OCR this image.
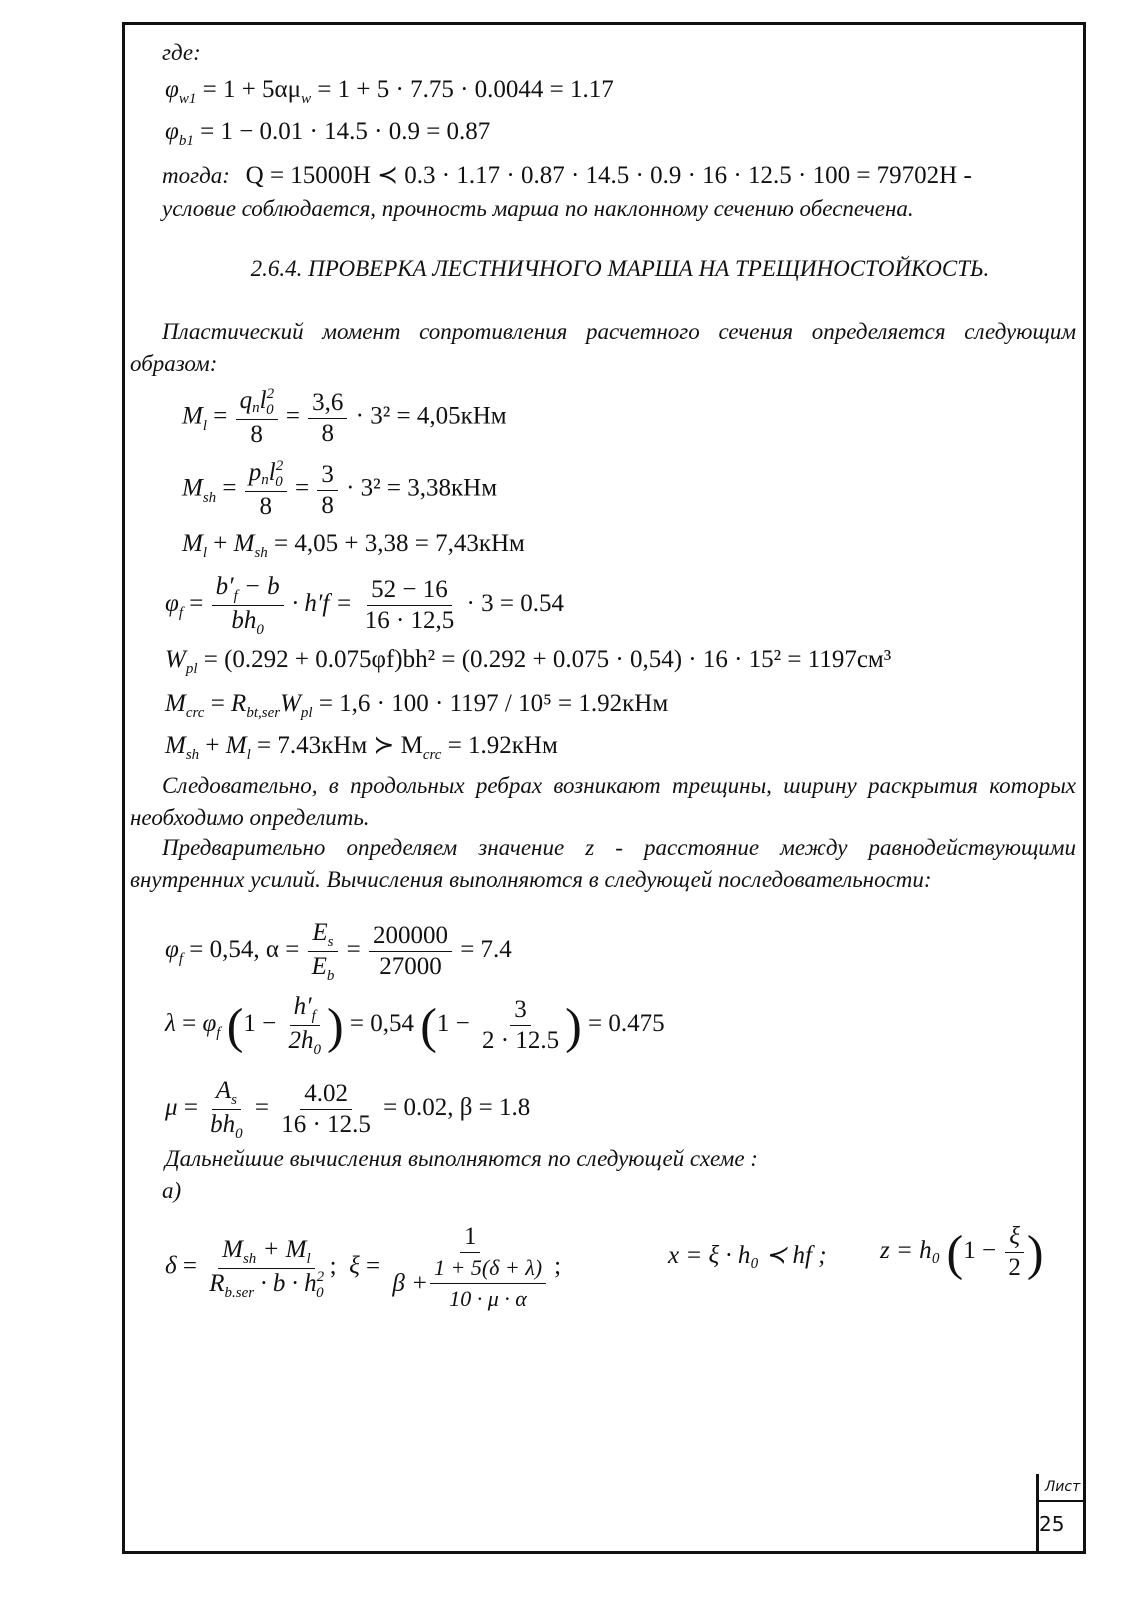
где:
$\varphi_{w1} = 1 + 5\alpha\mu_w = 1 + 5 \cdot 7.75 \cdot 0.0044 = 1.17$
$\varphi_{b1} = 1 - 0.01 \cdot 14.5 \cdot 0.9 = 0.87$
тогда: Q = 15000H ≺ 0.3 · 1.17 · 0.87 · 14.5 · 0.9 · 16 · 12.5 · 100 = 79702H -
условие соблюдается, прочность марша по наклонному сечению обеспечена.
2.6.4. ПРОВЕРКА ЛЕСТНИЧНОГО МАРША НА ТРЕЩИНОСТОЙКОСТЬ.
Пластический момент сопротивления расчетного сечения определяется следующим образом:
$M_l$ =
qnl$^2_0$
8
= $\frac{3,6}{8} \cdot 3^2 = 4,05кНм$
$M_{sh}$ =
pnl$^2_0$
8
= $\frac{3}{8} \cdot 3^2 = 3,38кНм$
$M_l + M_{sh} = 4,05 + 3,38 = 7,43кНм$
$\varphi_f = \frac{b'_f - b}{bh_0} \cdot h'f = \frac{52 - 16}{16 \cdot 12,5} \cdot 3 = 0.54$
$W_{pl} = (0.292 + 0.075\varphi f)bh^2 = (0.292 + 0.075 \cdot 0,54) \cdot 16 \cdot 15^2 = 1197см^3$
$M_{crc} = R_{bt,ser}W_{pl} = 1,6 \cdot 100 \cdot 1197 / 10^5 = 1.92кНм$
$M_{sh} + M_l = 7.43кНм$ ≻ $M_{crc} = 1.92кНм$
Следовательно, в продольных ребрах возникают трещины, ширину раскрытия которых необходимо определить.
Предварительно определяем значение z - расстояние между равнодействующими внутренних усилий. Вычисления выполняются в следующей последовательности:
$\varphi_f = 0,54$, $\alpha = \frac{E_s}{E_b} = \frac{200000}{27000} = 7.4$
$\lambda = \varphi_f$ ($1 - \frac{h'_f}{2h_0}$ ) = 0,54 ($1 - \frac{3}{2 \cdot 12.5}$ ) = 0.475
$\mu = \frac{A_s}{bh_0} = \frac{4.02}{16 \cdot 12.5} = 0.02$, β = 1.8
Дальнейшие вычисления выполняются по следующей схеме :
а)
δ =
$M_{sh} + M_l$
$R_{b.ser} \cdot b \cdot h^2_0$
;  ξ = 1
β +
1 + 5(δ + λ)
10 · μ · α ;	x = ξ · h₀ ≺ hf ; z = h₀ ($1 - \frac{\xi}{2}$ )
Лист
25
